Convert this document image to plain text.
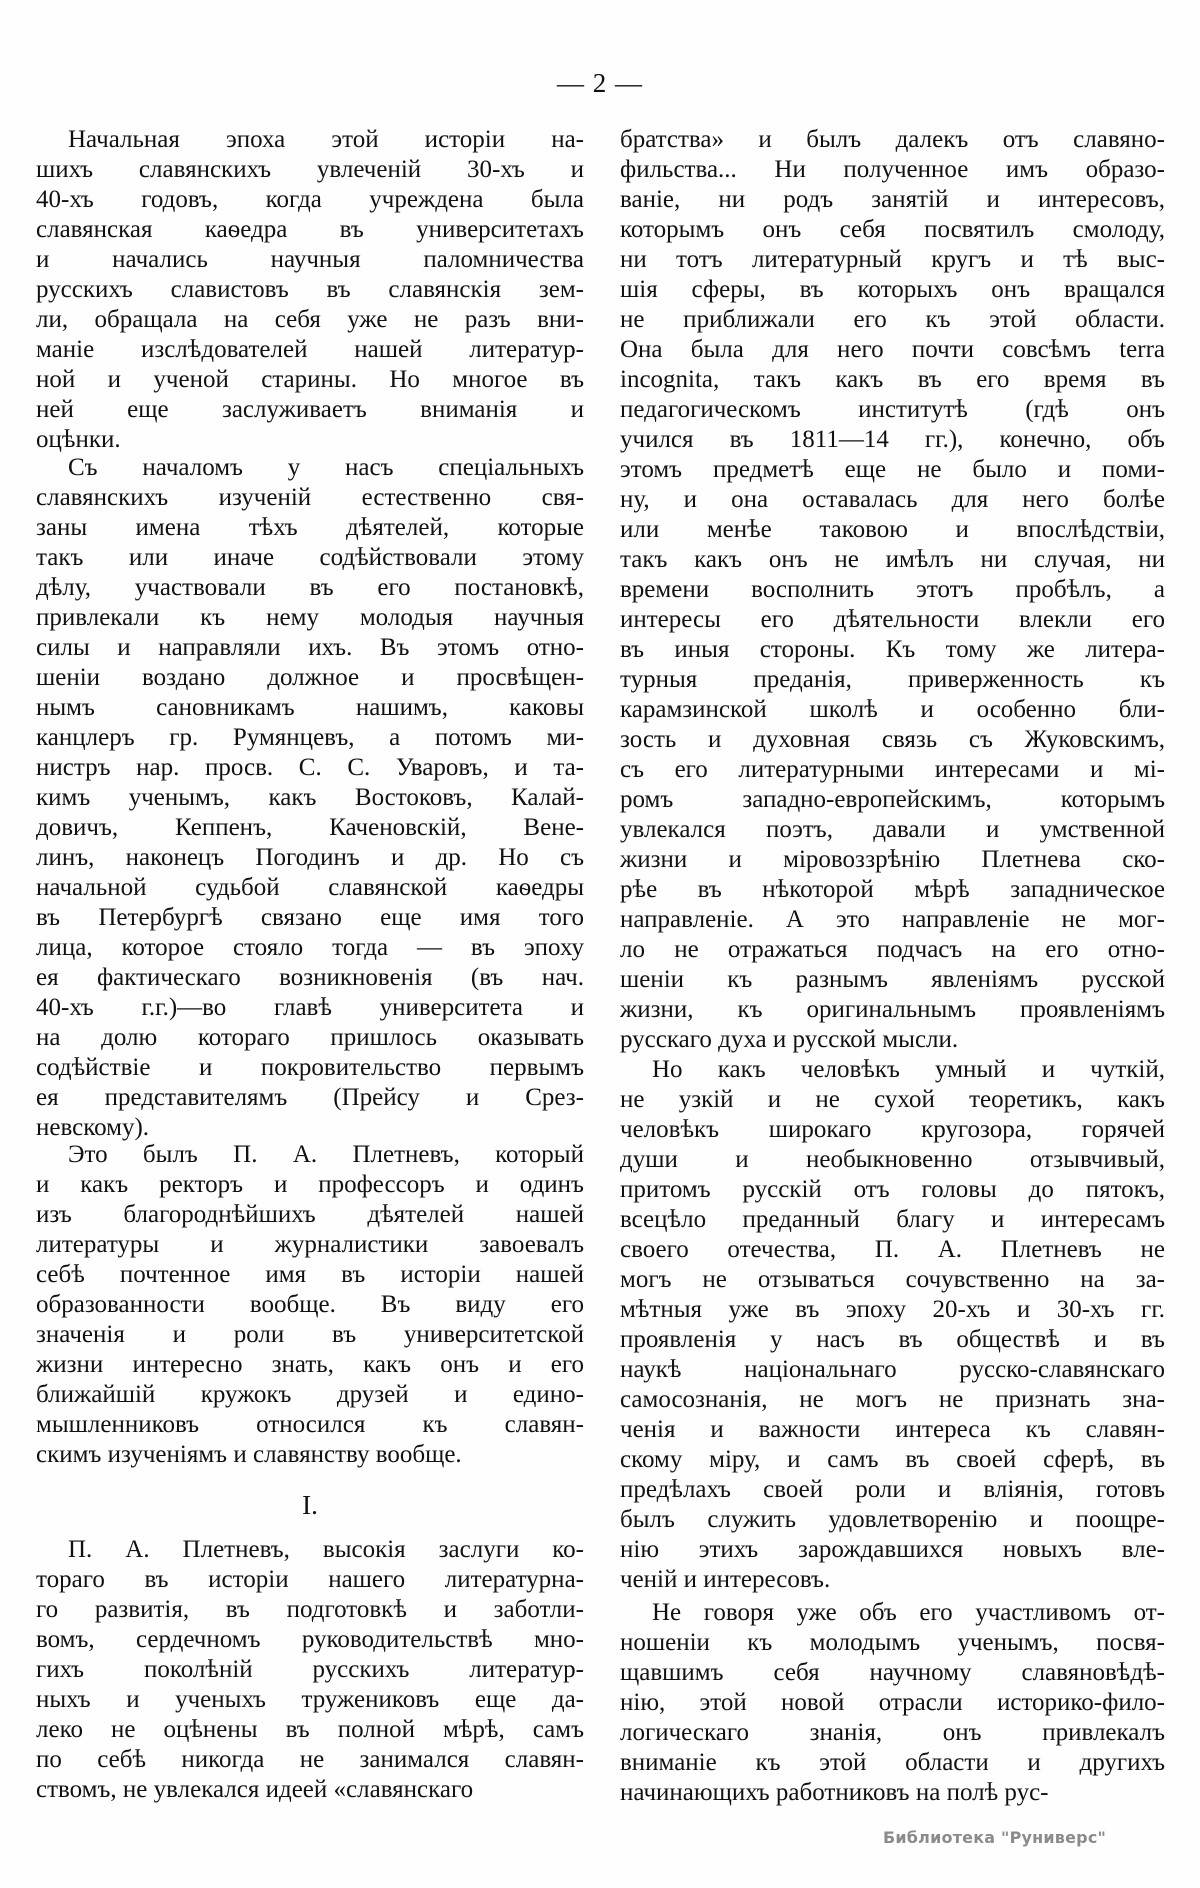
— 2 —
Начальная эпоха этой исторіи на-
шихъ славянскихъ увлеченій 30-хъ и
40-хъ годовъ, когда учреждена была
славянская каѳедра въ университетахъ
и начались научныя паломничества
русскихъ славистовъ въ славянскія зем-
ли, обращала на себя уже не разъ вни-
маніе изслѣдователей нашей литератур-
ной и ученой старины. Но многое въ
ней еще заслуживаетъ вниманія и
оцѣнки.
Съ началомъ у насъ спеціальныхъ
славянскихъ изученій естественно свя-
заны имена тѣхъ дѣятелей, которые
такъ или иначе содѣйствовали этому
дѣлу, участвовали въ его постановкѣ,
привлекали къ нему молодыя научныя
силы и направляли ихъ. Въ этомъ отно-
шеніи воздано должное и просвѣщен-
нымъ сановникамъ нашимъ, каковы
канцлеръ гр. Румянцевъ, а потомъ ми-
нистръ нар. просв. С. С. Уваровъ, и та-
кимъ ученымъ, какъ Востоковъ, Калай-
довичъ, Кеппенъ, Каченовскій, Вене-
линъ, наконецъ Погодинъ и др. Но съ
начальной судьбой славянской каѳедры
въ Петербургѣ связано еще имя того
лица, которое стояло тогда — въ эпоху
ея фактическаго возникновенія (въ нач.
40-хъ г.г.)—во главѣ университета и
на долю котораго пришлось оказывать
содѣйствіе и покровительство первымъ
ея представителямъ (Прейсу и Срез-
невскому).
Это былъ П. А. Плетневъ, который
и какъ ректоръ и профессоръ и одинъ
изъ благороднѣйшихъ дѣятелей нашей
литературы и журналистики завоевалъ
себѣ почтенное имя въ исторіи нашей
образованности вообще. Въ виду его
значенія и роли въ университетской
жизни интересно знать, какъ онъ и его
ближайшій кружокъ друзей и едино-
мышленниковъ относился къ славян-
скимъ изученіямъ и славянству вообще.
I.
П. А. Плетневъ, высокія заслуги ко-
тораго въ исторіи нашего литературна-
го развитія, въ подготовкѣ и заботли-
вомъ, сердечномъ руководительствѣ мно-
гихъ поколѣній русскихъ литератур-
ныхъ и ученыхъ тружениковъ еще да-
леко не оцѣнены въ полной мѣрѣ, самъ
по себѣ никогда не занимался славян-
ствомъ, не увлекался идеей «славянскаго
братства» и былъ далекъ отъ славяно-
фильства... Ни полученное имъ образо-
ваніе, ни родъ занятій и интересовъ,
которымъ онъ себя посвятилъ смолоду,
ни тотъ литературный кругъ и тѣ выс-
шія сферы, въ которыхъ онъ вращался
не приближали его къ этой области.
Она была для него почти совсѣмъ terra
incognita, такъ какъ въ его время въ
педагогическомъ институтѣ (гдѣ онъ
учился въ 1811—14 гг.), конечно, объ
этомъ предметѣ еще не было и поми-
ну, и она оставалась для него болѣе
или менѣе таковою и впослѣдствіи,
такъ какъ онъ не имѣлъ ни случая, ни
времени восполнить этотъ пробѣлъ, а
интересы его дѣятельности влекли его
въ иныя стороны. Къ тому же литера-
турныя преданія, приверженность къ
карамзинской школѣ и особенно бли-
зость и духовная связь съ Жуковскимъ,
съ его литературными интересами и мі-
ромъ западно-европейскимъ, которымъ
увлекался поэтъ, давали и умственной
жизни и міровоззрѣнію Плетнева ско-
рѣе въ нѣкоторой мѣрѣ западническое
направленіе. А это направленіе не мог-
ло не отражаться подчасъ на его отно-
шеніи къ разнымъ явленіямъ русской
жизни, къ оригинальнымъ проявленіямъ
русскаго духа и русской мысли.
Но какъ человѣкъ умный и чуткій,
не узкій и не сухой теоретикъ, какъ
человѣкъ широкаго кругозора, горячей
души и необыкновенно отзывчивый,
притомъ русскій отъ головы до пятокъ,
всецѣло преданный благу и интересамъ
своего отечества, П. А. Плетневъ не
могъ не отзываться сочувственно на за-
мѣтныя уже въ эпоху 20-хъ и 30-хъ гг.
проявленія у насъ въ обществѣ и въ
наукѣ національнаго русско-славянскаго
самосознанія, не могъ не признать зна-
ченія и важности интереса къ славян-
скому міру, и самъ въ своей сферѣ, въ
предѣлахъ своей роли и вліянія, готовъ
былъ служить удовлетворенію и поощре-
нію этихъ зарождавшихся новыхъ вле-
ченій и интересовъ.
Не говоря уже объ его участливомъ от-
ношеніи къ молодымъ ученымъ, посвя-
щавшимъ себя научному славяновѣдѣ-
нію, этой новой отрасли историко-фило-
логическаго знанія, онъ привлекалъ
вниманіе къ этой области и другихъ
начинающихъ работниковъ на полѣ рус-
Библиотека "Руниверс"
